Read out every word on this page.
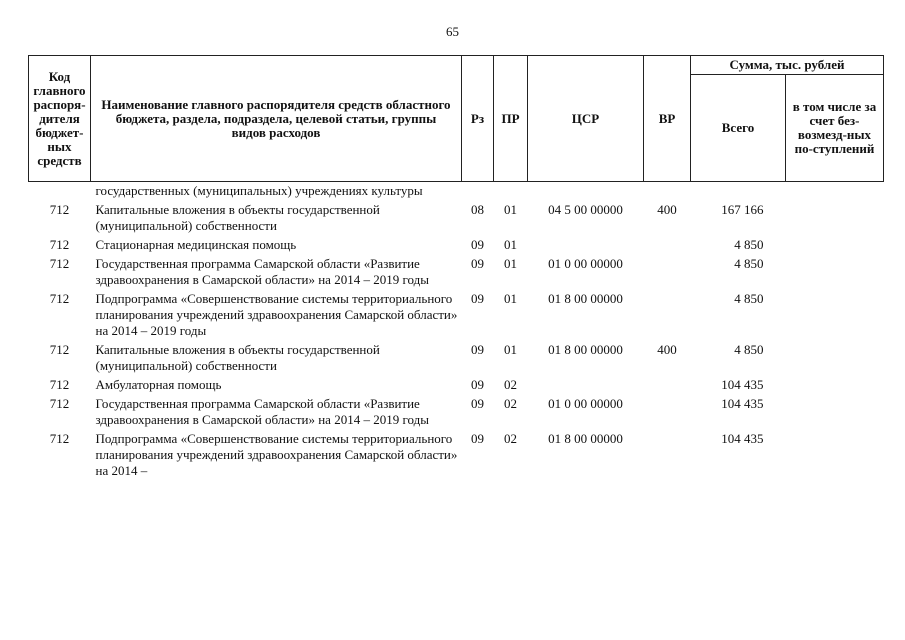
65
Код главного распоря-дителя бюджет-ных средств	Наименование главного распорядителя средств областного бюджета, раздела, подраздела, целевой статьи, группы видов расходов	Рз	ПР	ЦСР	ВР	Сумма, тыс. рублей	
						Всего	в том числе за счет без-возмезд-ных по-ступлений
	государственных (муниципальных) учреждениях культуры						
712	Капитальные вложения в объекты государственной (муниципальной) собственности	08	01	04 5 00 00000	400	167 166	
712	Стационарная медицинская помощь	09	01			4 850	
712	Государственная программа Самарской области «Развитие здравоохранения в Самарской области» на 2014 – 2019 годы	09	01	01 0 00 00000		4 850	
712	Подпрограмма «Совершенствование системы территориального планирования учреждений здравоохранения Самарской области» на 2014 – 2019 годы	09	01	01 8 00 00000		4 850	
712	Капитальные вложения в объекты государственной (муниципальной) собственности	09	01	01 8 00 00000	400	4 850	
712	Амбулаторная помощь	09	02			104 435	
712	Государственная программа Самарской области «Развитие здравоохранения в Самарской области» на 2014 – 2019 годы	09	02	01 0 00 00000		104 435	
712	Подпрограмма «Совершенствование системы территориального планирования учреждений здравоохранения Самарской области» на 2014 –	09	02	01 8 00 00000		104 435	
